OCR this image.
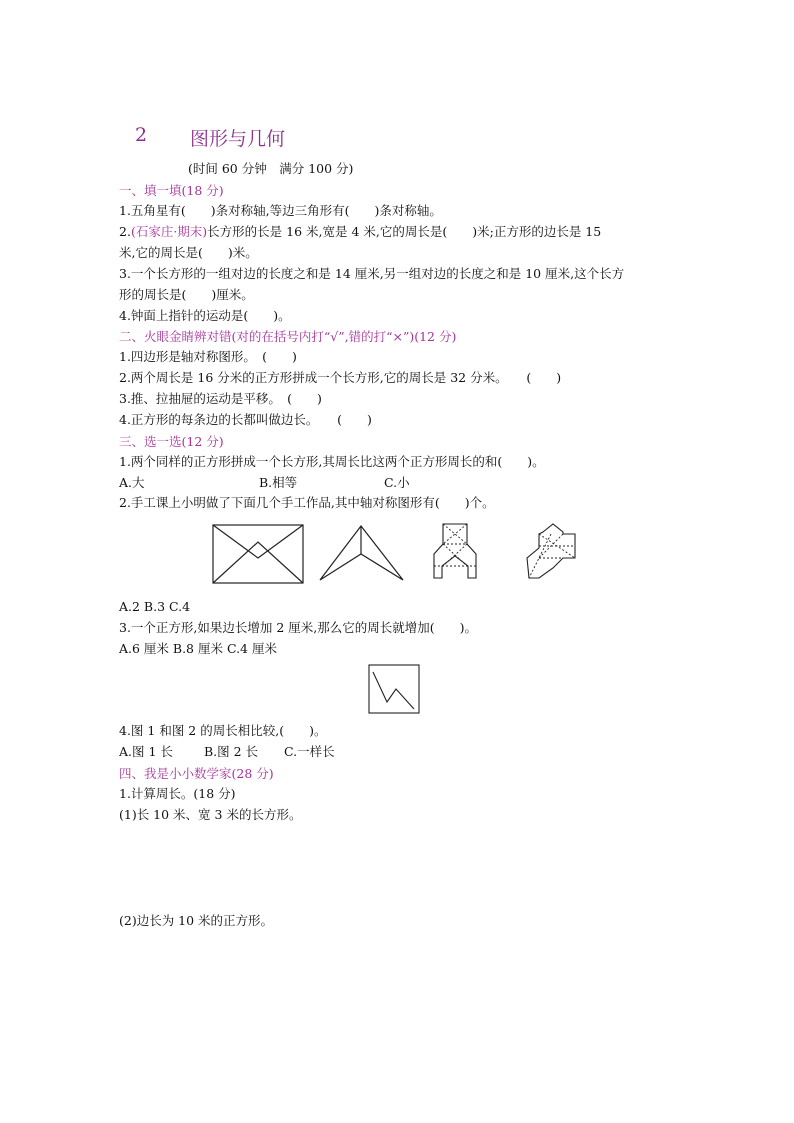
2 图形与几何
(时间 60 分钟　满分 100 分)
一、填一填(18 分)
1.五角星有(　　)条对称轴,等边三角形有(　　)条对称轴。
2.(石家庄·期末)长方形的长是 16 米,宽是 4 米,它的周长是(　　)米;正方形的边长是 15
米,它的周长是(　　)米。
3.一个长方形的一组对边的长度之和是 14 厘米,另一组对边的长度之和是 10 厘米,这个长方
形的周长是(　　)厘米。
4.钟面上指针的运动是(　　)。
二、火眼金睛辨对错(对的在括号内打“√”,错的打“×”)(12 分)
1.四边形是轴对称图形。　(　　)
2.两个周长是 16 分米的正方形拼成一个长方形,它的周长是 32 分米。　　(　　)
3.推、拉抽屉的运动是平移。　(　　)
4.正方形的每条边的长都叫做边长。　　(　　)
三、选一选(12 分)
1.两个同样的正方形拼成一个长方形,其周长比这两个正方形周长的和(　　)。
A.大	B.相等	C.小
2.手工课上小明做了下面几个手工作品,其中轴对称图形有(　　)个。
A.2 B.3 C.4
3.一个正方形,如果边长增加 2 厘米,那么它的周长就增加(　　)。
A.6 厘米 B.8 厘米 C.4 厘米
4.图 1 和图 2 的周长相比较,(　　)。
A.图 1 长 B.图 2 长 C.一样长
四、我是小小数学家(28 分)
1.计算周长。(18 分)
(1)长 10 米、宽 3 米的长方形。
(2)边长为 10 米的正方形。
